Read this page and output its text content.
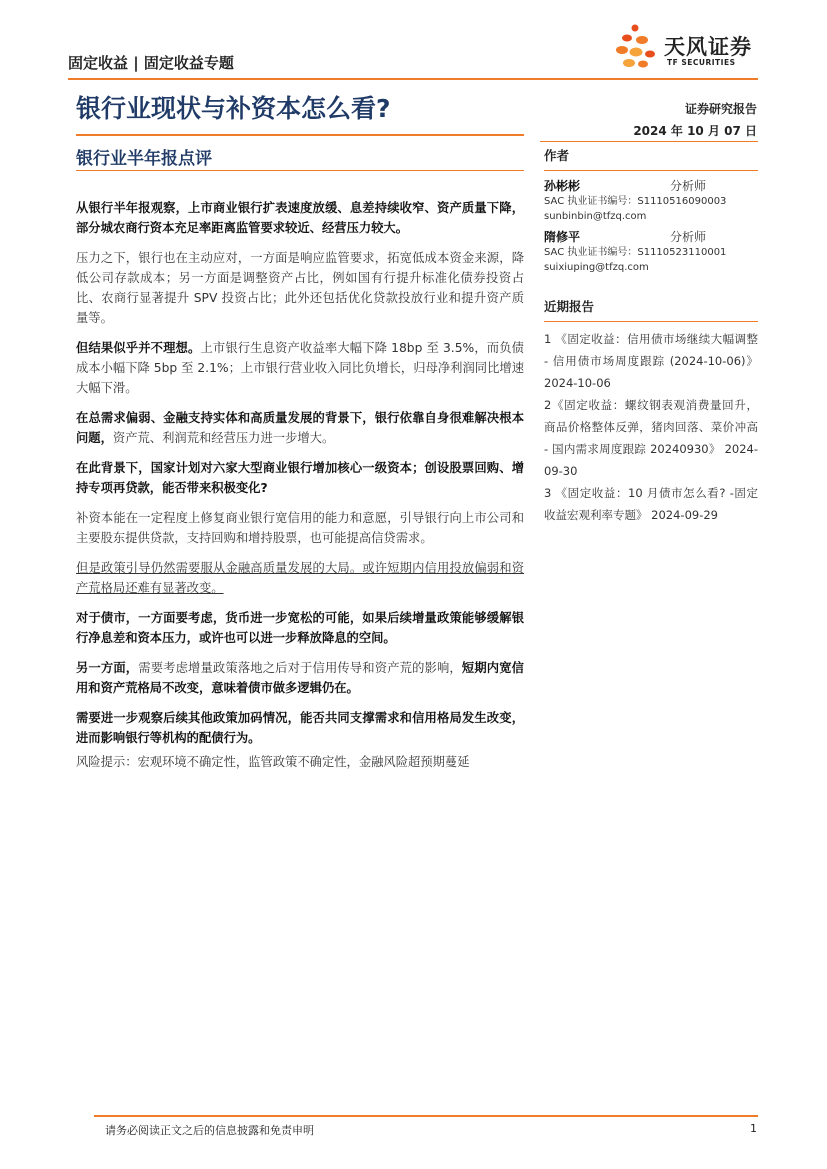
固定收益 | 固定收益专题
天风证券
TF SECURITIES
银行业现状与补资本怎么看?
银行业半年报点评
证券研究报告
2024 年 10 月 07 日

从银行半年报观察，上市商业银行扩表速度放缓、息差持续收窄、资产质量下降，部分城农商行资本充足率距离监管要求较近、经营压力较大。

压力之下，银行也在主动应对，一方面是响应监管要求，拓宽低成本资金来源，降低公司存款成本；另一方面是调整资产占比，例如国有行提升标准化债券投资占比、农商行显著提升 SPV 投资占比；此外还包括优化贷款投放行业和提升资产质量等。

但结果似乎并不理想。上市银行生息资产收益率大幅下降 18bp 至 3.5%，而负债成本小幅下降 5bp 至 2.1%；上市银行营业收入同比负增长，归母净利润同比增速大幅下滑。

在总需求偏弱、金融支持实体和高质量发展的背景下，银行依靠自身很难解决根本问题，资产荒、利润荒和经营压力进一步增大。

在此背景下，国家计划对六家大型商业银行增加核心一级资本；创设股票回购、增持专项再贷款，能否带来积极变化?

补资本能在一定程度上修复商业银行宽信用的能力和意愿，引导银行向上市公司和主要股东提供贷款，支持回购和增持股票，也可能提高信贷需求。

但是政策引导仍然需要服从金融高质量发展的大局。或许短期内信用投放偏弱和资产荒格局还难有显著改变。

对于债市，一方面要考虑，货币进一步宽松的可能，如果后续增量政策能够缓解银行净息差和资本压力，或许也可以进一步释放降息的空间。

另一方面，需要考虑增量政策落地之后对于信用传导和资产荒的影响，短期内宽信用和资产荒格局不改变，意味着债市做多逻辑仍在。

需要进一步观察后续其他政策加码情况，能否共同支撑需求和信用格局发生改变，进而影响银行等机构的配债行为。

风险提示：宏观环境不确定性，监管政策不确定性，金融风险超预期蔓延
作者
孙彬彬	分析师
SAC 执业证书编号：S1110516090003
sunbinbin@tfzq.com
隋修平	分析师
SAC 执业证书编号：S1110523110001
suixiuping@tfzq.com
近期报告
1 《固定收益：信用债市场继续大幅调整 - 信用债市场周度跟踪 (2024-10-06)》 2024-10-06
2《固定收益：螺纹钢表观消费量回升，商品价格整体反弹，猪肉回落、菜价冲高 - 国内需求周度跟踪 20240930》 2024-09-30
3 《固定收益：10 月债市怎么看? -固定收益宏观利率专题》 2024-09-29
请务必阅读正文之后的信息披露和免责申明	1
